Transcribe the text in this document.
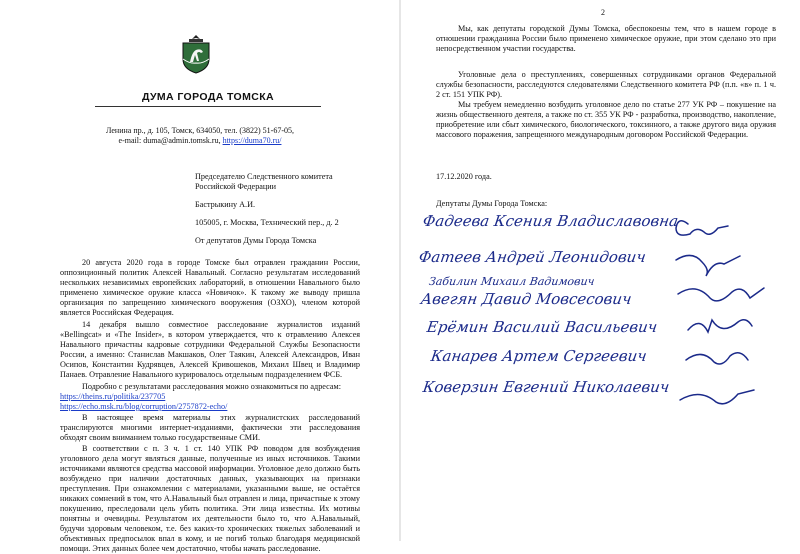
ДУМА ГОРОДА ТОМСКА
Ленина пр., д. 105, Томск, 634050, тел. (3822) 51-67-05,
e-mail: duma@admin.tomsk.ru, https://duma70.ru/
Председателю Следственного комитета
Российской Федерации
Бастрыкину А.И.
105005, г. Москва, Технический пер., д. 2
От депутатов Думы Города Томска
20 августа 2020 года в городе Томске был отравлен гражданин России, оппозиционный политик Алексей Навальный. Согласно результатам исследований нескольких независимых европейских лабораторий, в отношении Навального было применено химическое оружие класса «Новичок». К такому же выводу пришла организация по запрещению химического вооружения (ОЗХО), членом которой является Российская Федерация.
14 декабря вышло совместное расследование журналистов изданий «Bellingcat» и «The Insider», в котором утверждается, что к отравлению Алексея Навального причастны кадровые сотрудники Федеральной Службы Безопасности России, а именно: Станислав Макшаков, Олег Таякин, Алексей Александров, Иван Осипов, Константин Кудрявцев, Алексей Кривошеков, Михаил Швец и Владимир Панаев. Отравление Навального курировалось отдельным подразделением ФСБ.
Подробно с результатами расследования можно ознакомиться по адресам:
https://theins.ru/politika/237705
https://echo.msk.ru/blog/corruption/2757872-echo/
В настоящее время материалы этих журналистских расследований транслируются многими интернет-изданиями, фактически эти расследования обходят своим вниманием только государственные СМИ.
В соответствии с п. 3 ч. 1 ст. 140 УПК РФ поводом для возбуждения уголовного дела могут являться данные, полученные из иных источников. Такими источниками являются средства массовой информации. Уголовное дело должно быть возбуждено при наличии достаточных данных, указывающих на признаки преступления. При ознакомлении с материалами, указанными выше, не остаётся никаких сомнений в том, что А.Навальный был отравлен и лица, причастные к этому покушению, преследовали цель убить политика. Эти лица известны. Их мотивы понятны и очевидны. Результатом их деятельности было то, что А.Навальный, будучи здоровым человеком, т.е. без каких-то хронических тяжелых заболеваний и объективных предпосылок впал в кому, и не погиб только благодаря медицинской помощи. Этих данных более чем достаточно, чтобы начать расследование.
2
Мы, как депутаты городской Думы Томска, обеспокоены тем, что в нашем городе в отношении гражданина России было применено химическое оружие, при этом сделано это при непосредственном участии государства.
Уголовные дела о преступлениях, совершенных сотрудниками органов Федеральной службы безопасности, расследуются следователями Следственного комитета РФ (п.п. «в» п. 1 ч. 2 ст. 151 УПК РФ).
Мы требуем немедленно возбудить уголовное дело по статье 277 УК РФ – покушение на жизнь общественного деятеля, а также по ст. 355 УК РФ - разработка, производство, накопление, приобретение или сбыт химического, биологического, токсинного, а также другого вида оружия массового поражения, запрещенного международным договором Российской Федерации.
17.12.2020 года.
Депутаты Думы Города Томска:
Фадеева Ксения Владиславовна
Фатеев Андрей Леонидович
Забилин Михаил Вадимович
Авегян Давид Мовсесович
Ерёмин Василий Васильевич
Канарев Артем Сергеевич
Коверзин Евгений Николаевич
